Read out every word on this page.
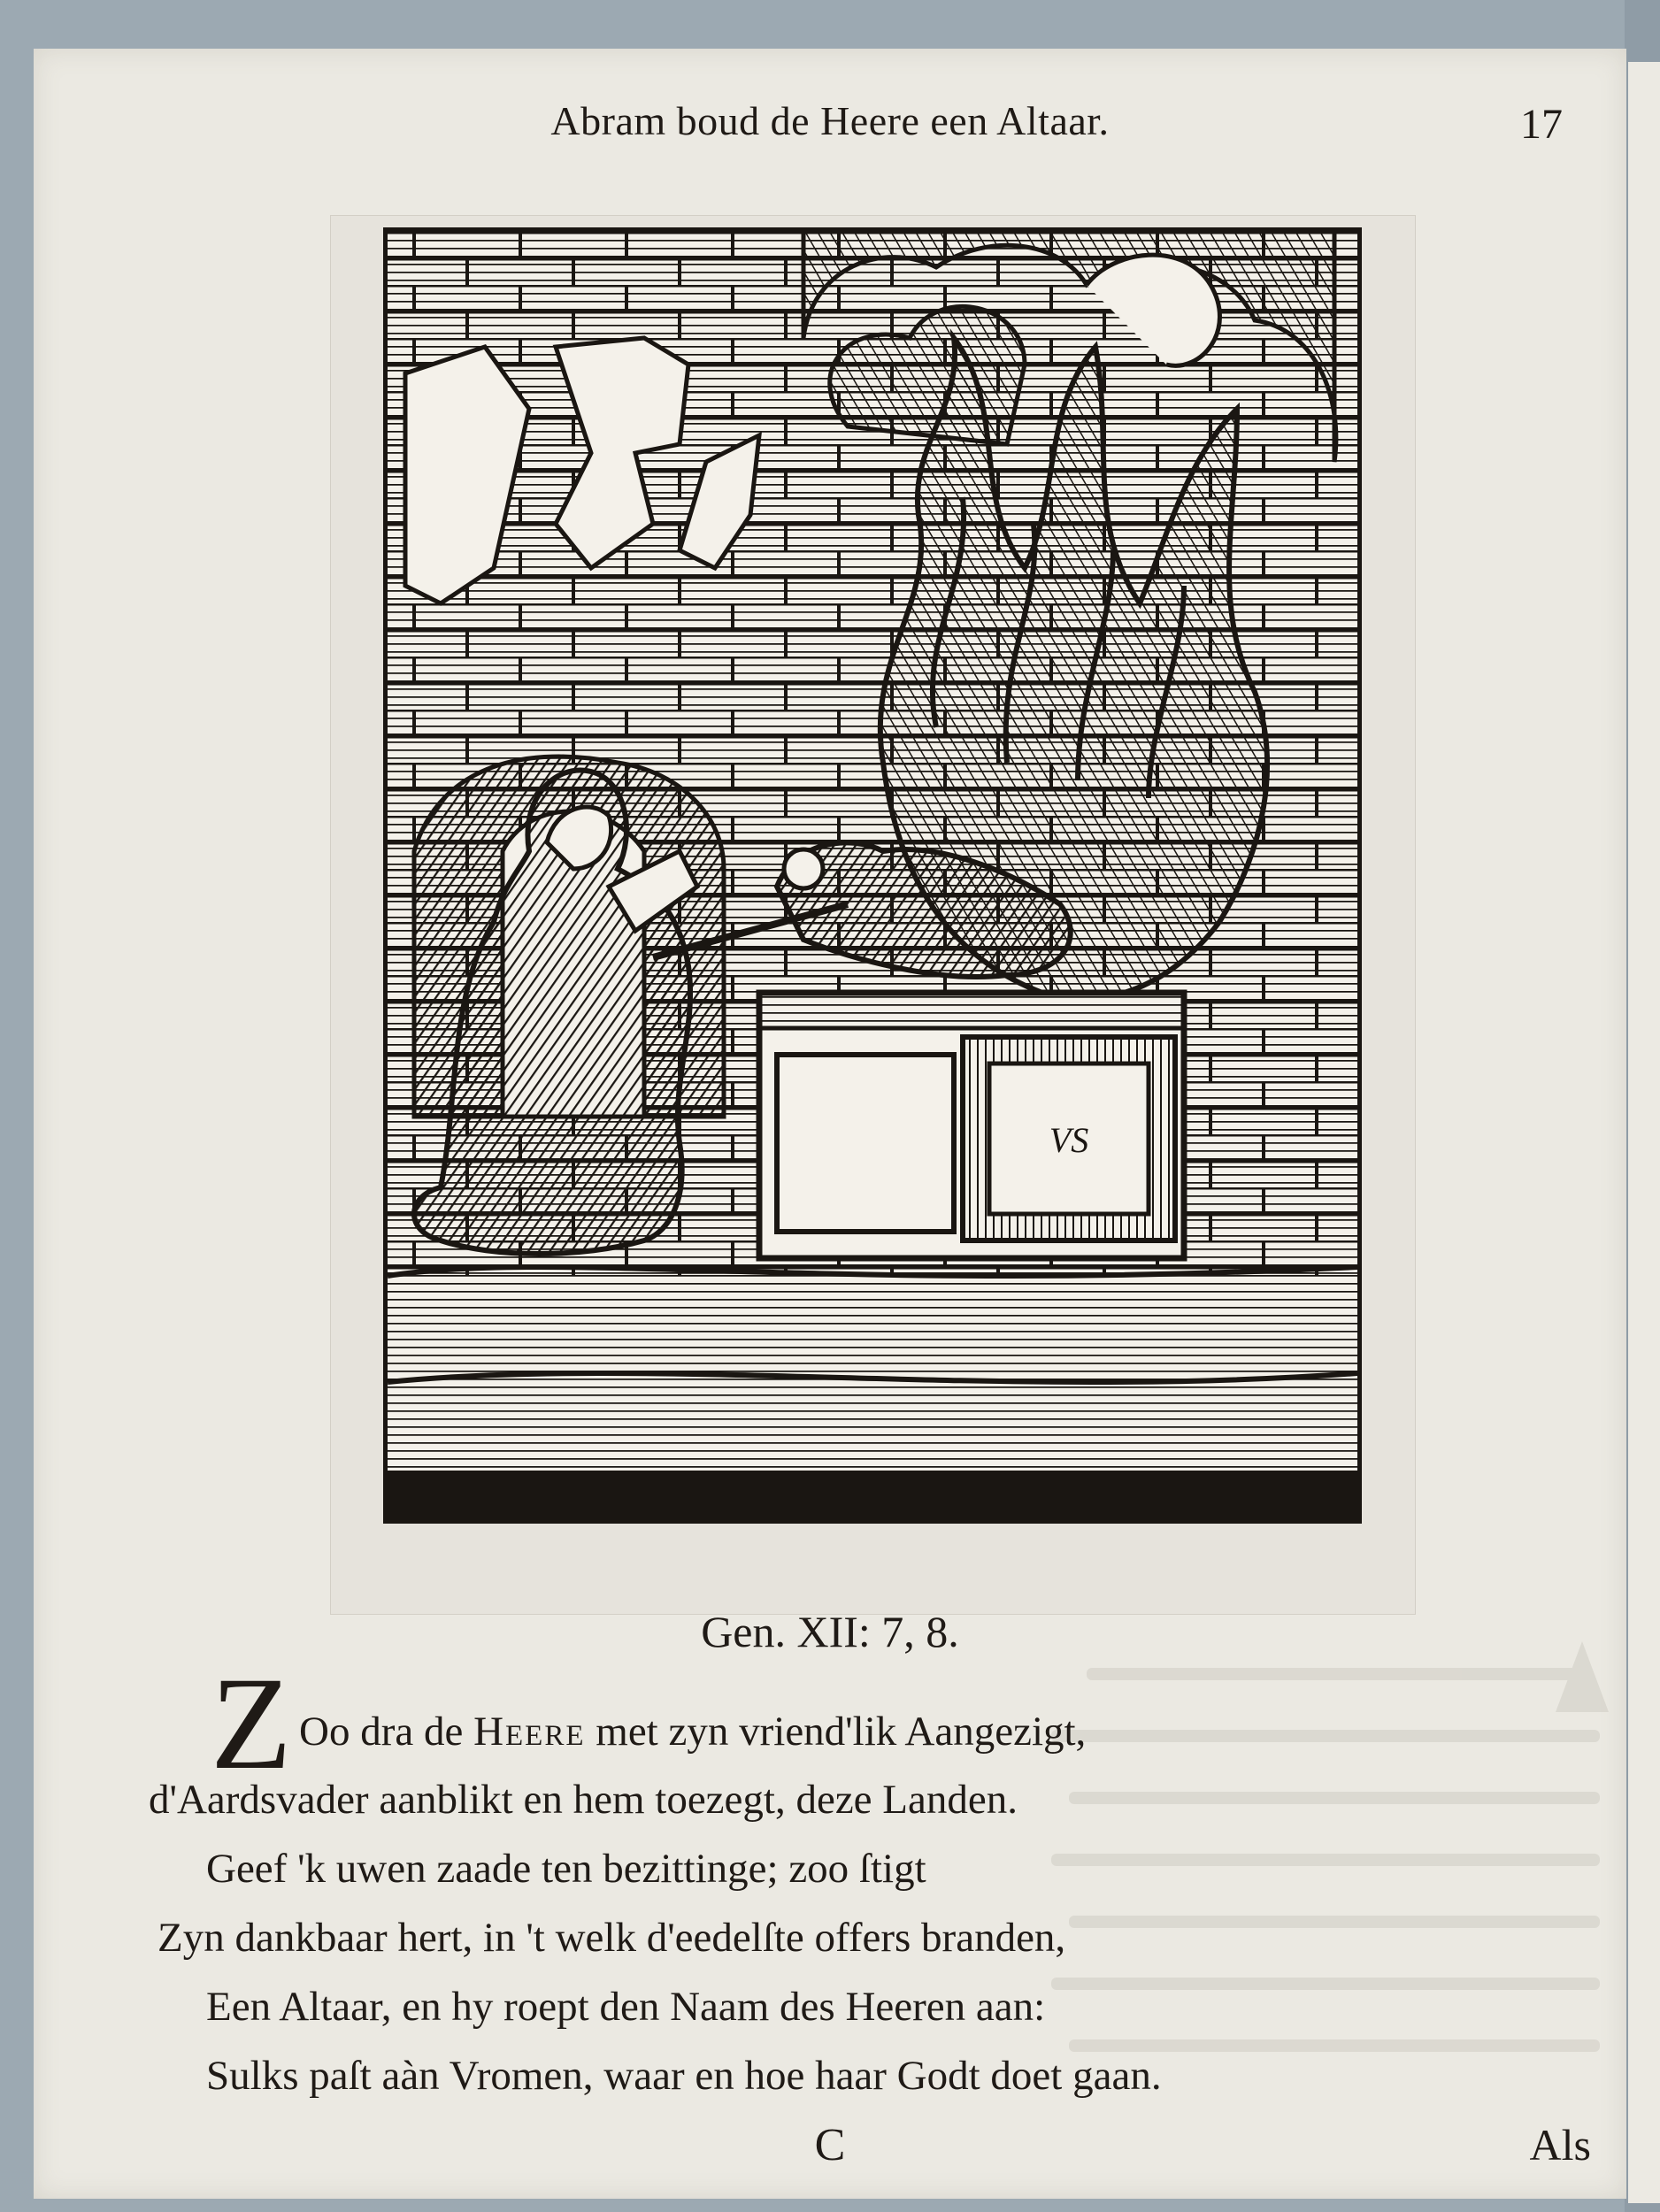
Abram boud de Heere een Altaar.	17
VS
Gen. XII: 7, 8.
Z Oo dra de Heere met zyn vriend'lik Aangezigt,
d'Aardsvader aanblikt en hem toezegt, deze Landen.
Geef 'k uwen zaade ten bezittinge; zoo ſtigt
Zyn dankbaar hert, in 't welk d'eedelſte offers branden,
Een Altaar, en hy roept den Naam des Heeren aan:
Sulks paſt aàn Vromen, waar en hoe haar Godt doet gaan.
C	Als
